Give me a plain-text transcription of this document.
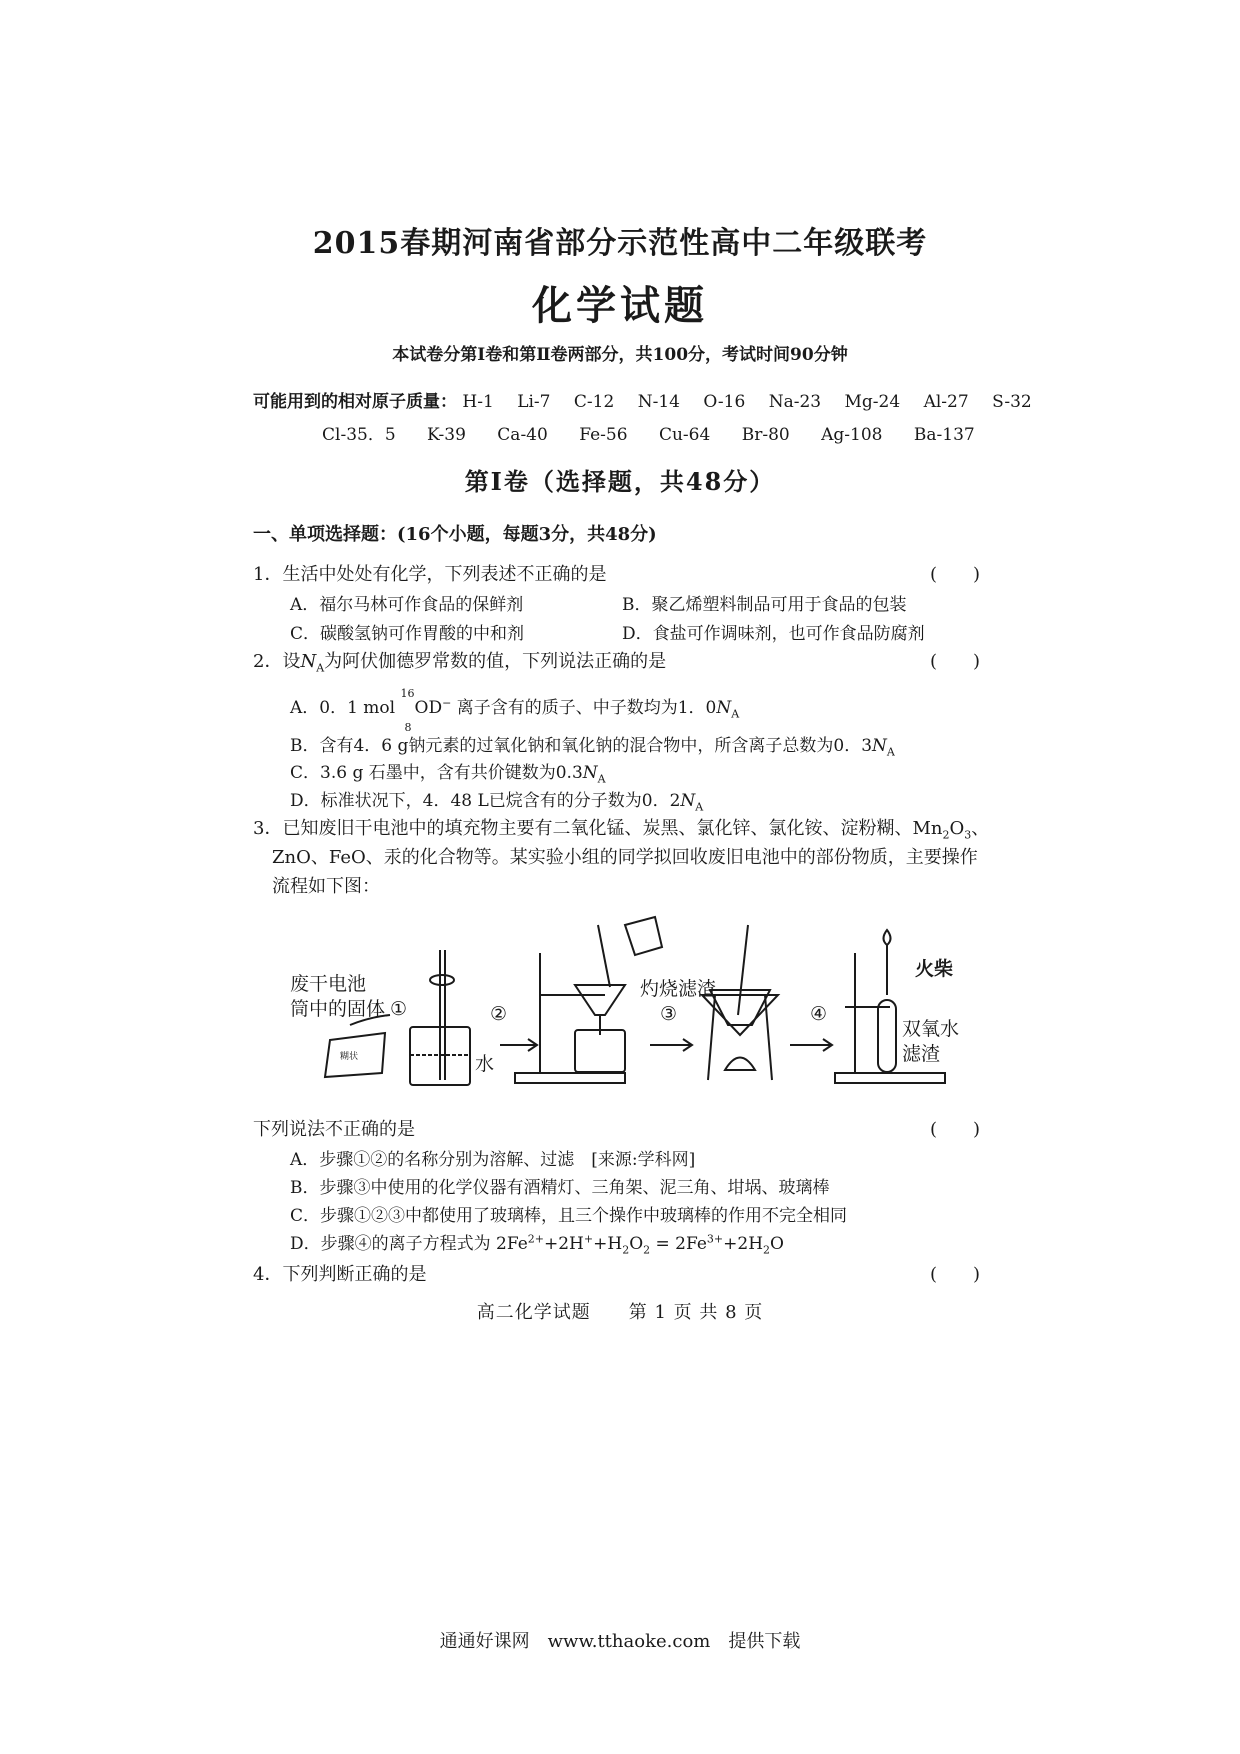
2015春期河南省部分示范性高中二年级联考
化学试题
本试卷分第Ⅰ卷和第Ⅱ卷两部分，共100分，考试时间90分钟
可能用到的相对原子质量： H-1 Li-7 C-12 N-14 O-16 Na-23 Mg-24 Al-27 S-32
Cl-35．5 K-39 Ca-40 Fe-56 Cu-64 Br-80 Ag-108 Ba-137
第Ⅰ卷（选择题，共48分）
一、单项选择题：(16个小题，每题3分，共48分)
1．生活中处处有化学，下列表述不正确的是	(　　)
A．福尔马林可作食品的保鲜剂	B．聚乙烯塑料制品可用于食品的包装
C．碳酸氢钠可作胃酸的中和剂	D．食盐可作调味剂，也可作食品防腐剂
2．设$N_A$为阿伏伽德罗常数的值，下列说法正确的是	(　　)
A．0．1 mol
16
8
OD− 离子含有的质子、中子数均为1．$0N_A$
B．含有4．6 g钠元素的过氧化钠和氧化钠的混合物中，所含离子总数为0．$3N_A$
C．3.6 g 石墨中，含有共价键数为$0.3N_A$
D．标准状况下，4．48 L已烷含有的分子数为0．$2N_A$
3．已知废旧干电池中的填充物主要有二氧化锰、炭黑、氯化锌、氯化铵、淀粉糊、$Mn_2O_3$、
ZnO、FeO、汞的化合物等。某实验小组的同学拟回收废旧电池中的部份物质，主要操作
流程如下图：
废干电池
筒中的固体 ①	②
灼烧滤渣
③	④
水
火柴
双氧水
滤渣
糊状
下列说法不正确的是	(　　)
A．步骤①②的名称分别为溶解、过滤　[来源:学科网]
B．步骤③中使用的化学仪器有酒精灯、三角架、泥三角、坩埚、玻璃棒
C．步骤①②③中都使用了玻璃棒，且三个操作中玻璃棒的作用不完全相同
D．步骤④的离子方程式为 $2Fe^{2+}+2H^++H_2O_2 = 2Fe^{3+}+2H_2O$
4．下列判断正确的是	(　　)
高二化学试题　　第 1 页 共 8 页
通通好课网　www.tthaoke.com　提供下载
